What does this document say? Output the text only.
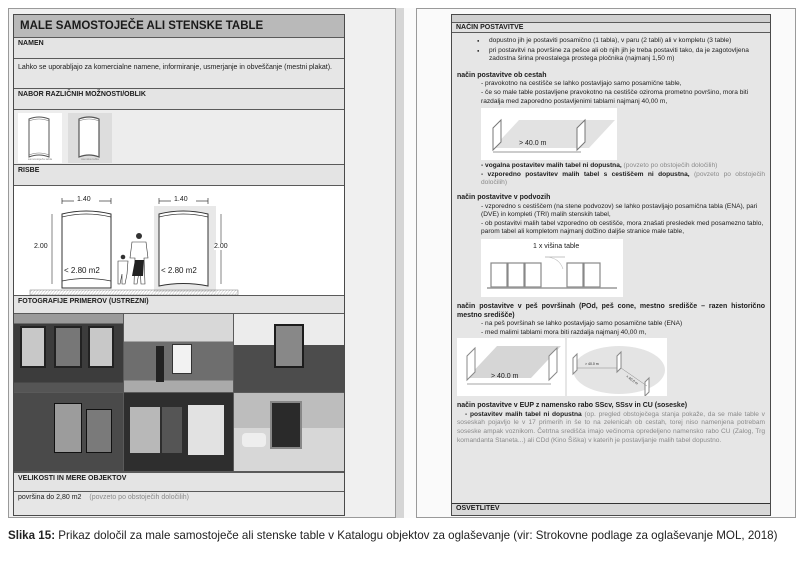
MALE SAMOSTOJEČE ALI STENSKE TABLE
NAMEN
Lahko se uporabljajo za komercialne namene, informiranje, usmerjanje in obveščanje (mestni plakat).
NABOR RAZLIČNIH MOŽNOSTI/OBLIK
samostoječa tabla	stenska tabla
RISBE
1.40	1.40
2.00	2.00
< 2.80 m2	< 2.80 m2
FOTOGRAFIJE PRIMEROV (USTREZNI)
VELIKOSTI IN MERE OBJEKTOV
površina do 2,80 m2 (povzeto po obstoječih določilih)
NAČIN POSTAVITVE
● dopustno jih je postaviti posamično (1 tabla), v paru (2 tabli) ali v kompletu (3 table)
● pri postavitvi na površine za pešce ali ob njih jih je treba postaviti tako, da je zagotovljena zadostna širina preostalega prostega pločnika (najmanj 1,50 m)
način postavitve ob cestah
- pravokotno na cestišče se lahko postavljajo samo posamične table,
- če so male table postavljene pravokotno na cestišče oziroma prometno površino, mora biti razdalja med zaporedno postavljenimi tablami najmanj 40,00 m,
> 40.0 m
- vogalna postavitev malih tabel ni dopustna, (povzeto po obstoječih določilih)
- vzporedno postavitev malih tabel s cestiščem ni dopustna, (povzeto po obstoječih določilih)
način postavitve v podvozih
- vzporedno s cestiščem (na stene podvozov) se lahko postavljajo posamična tabla (ENA), pari (DVE) in kompleti (TRI) malih stenskih tabel,
- ob postavitvi malih tabel vzporedno ob cestišče, mora znašati presledek med posamezno tablo, parom tabel ali kompletom najmanj dolžino daljše stranice male table,
1 x višina table
način postavitve v peš površinah (POd, peš cone, mestno središče – razen historično mestno središče)
- na peš površinah se lahko postavljajo samo posamične table (ENA)
- med malimi tablami mora biti razdalja najmanj 40,00 m,
> 40.0 m
> 40.0 m
> 40.0 m
način postavitve v EUP z namensko rabo SScv, SSsv in CU (soseske)
- postavitev malih tabel ni dopustna (op. pregled obstoječega stanja pokaže, da se male table v soseskah pojavljo le v 17 primerih in še to na zelenicah ob cestah, torej niso namenjena potrebam soseske ampak voznikom. Četrtna središča imajo večinoma opredeljeno namensko rabo CU (Zalog, Trg komandanta Staneta...) ali CDd (Kino Šiška) v katerih je postavljanje malih tabel dopustno.
OSVETLITEV
Slika 15: Prikaz določil za male samostoječe ali stenske table v Katalogu objektov za oglaševanje (vir: Strokovne podlage za oglaševanje MOL, 2018)
